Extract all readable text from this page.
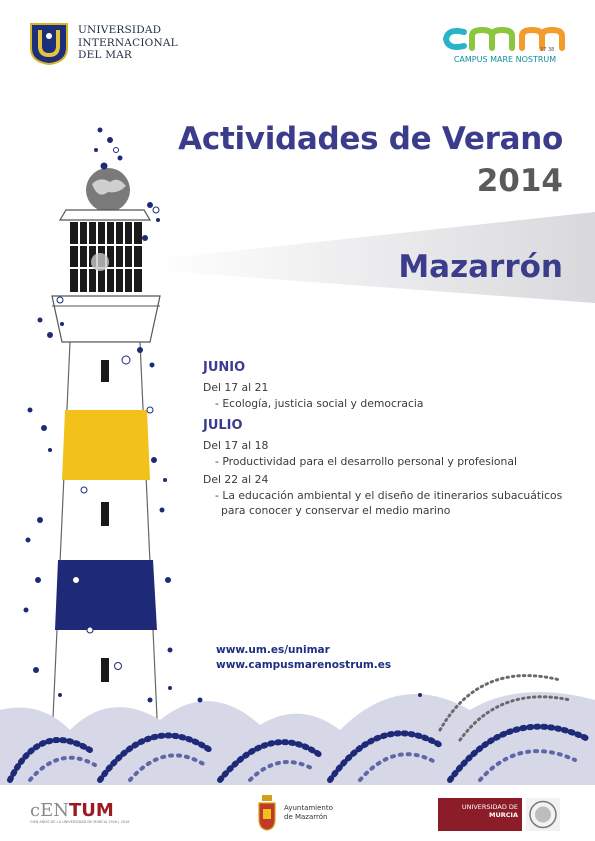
UNIVERSIDAD
INTERNACIONAL
DEL MAR	37 38
CAMPUS MARE NOSTRUM
Actividades de Verano
2014
Mazarrón
JUNIO
Del 17 al 21
- Ecología, justicia social y democracia
JULIO
Del 17 al 18
- Productividad para el desarrollo personal y profesional
Del 22 al 24
- La educación ambiental y el diseño de itinerarios subacuáticos
para conocer y conservar el medio marino
www.um.es/unimar
www.campusmarenostrum.es
cENTUM
CIEN AÑOS DE LA UNIVERSIDAD DE MURCIA 1916 | 2016
Ayuntamiento
de Mazarrón
UNIVERSIDAD DE
MURCIA
